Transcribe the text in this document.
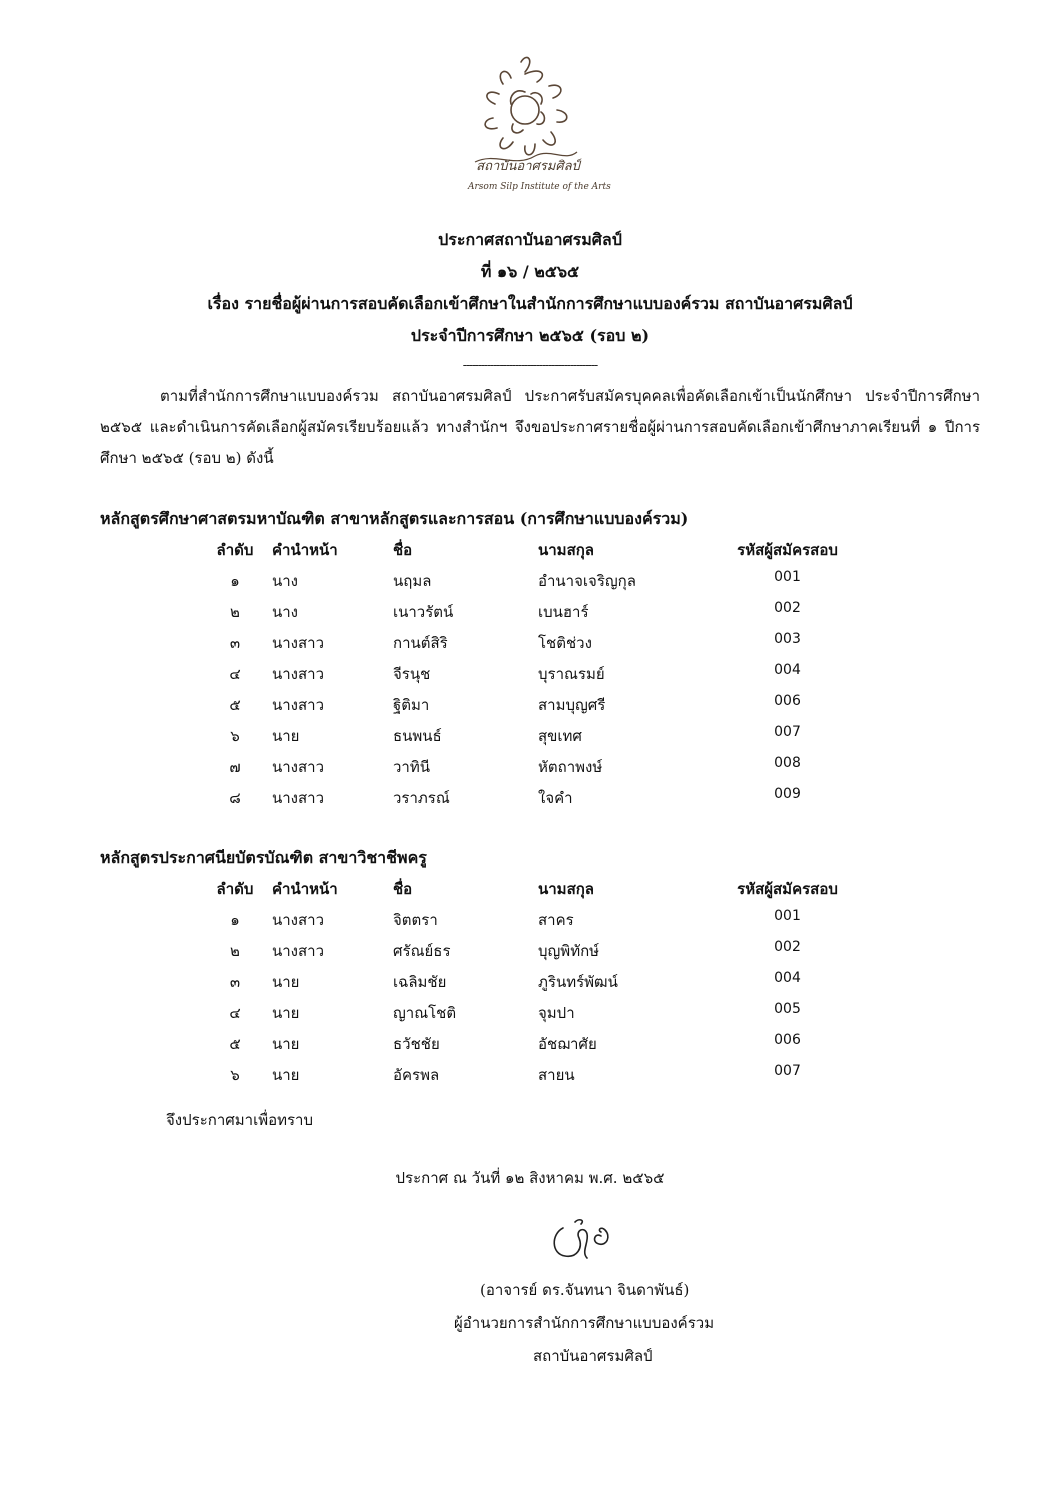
สถาบันอาศรมศิลป์
Arsom Silp Institute of the Arts
ประกาศสถาบันอาศรมศิลป์
ที่ ๑๖ / ๒๕๖๕
เรื่อง รายชื่อผู้ผ่านการสอบคัดเลือกเข้าศึกษาในสำนักการศึกษาแบบองค์รวม สถาบันอาศรมศิลป์
ประจำปีการศึกษา ๒๕๖๕ (รอบ ๒)
--------------------------------------------
ตามที่สำนักการศึกษาแบบองค์รวม สถาบันอาศรมศิลป์ ประกาศรับสมัครบุคคลเพื่อคัดเลือกเข้าเป็นนักศึกษา ประจำปีการศึกษา ๒๕๖๕ และดำเนินการคัดเลือกผู้สมัครเรียบร้อยแล้ว ทางสำนักฯ จึงขอประกาศรายชื่อผู้ผ่านการสอบคัดเลือกเข้าศึกษาภาคเรียนที่ ๑ ปีการศึกษา ๒๕๖๕ (รอบ ๒) ดังนี้
หลักสูตรศึกษาศาสตรมหาบัณฑิต สาขาหลักสูตรและการสอน (การศึกษาแบบองค์รวม)
ลำดับ	คำนำหน้า	ชื่อ	นามสกุล	รหัสผู้สมัครสอบ
๑	นาง	นฤมล	อำนาจเจริญกุล	001
๒	นาง	เนาวรัตน์	เบนฮาร์	002
๓	นางสาว	กานต์สิริ	โชติช่วง	003
๔	นางสาว	จีรนุช	บุราณรมย์	004
๕	นางสาว	ฐิติมา	สามบุญศรี	006
๖	นาย	ธนพนธ์	สุขเทศ	007
๗	นางสาว	วาทินี	หัตถาพงษ์	008
๘	นางสาว	วราภรณ์	ใจคำ	009
หลักสูตรประกาศนียบัตรบัณฑิต สาขาวิชาชีพครู
ลำดับ	คำนำหน้า	ชื่อ	นามสกุล	รหัสผู้สมัครสอบ
๑	นางสาว	จิตตรา	สาคร	001
๒	นางสาว	ศรัณย์ธร	บุญพิทักษ์	002
๓	นาย	เฉลิมชัย	ภูรินทร์พัฒน์	004
๔	นาย	ญาณโชติ	จุมปา	005
๕	นาย	ธวัชชัย	อัชฌาศัย	006
๖	นาย	อัครพล	สายน	007
จึงประกาศมาเพื่อทราบ
ประกาศ ณ วันที่ ๑๒ สิงหาคม พ.ศ. ๒๕๖๕
(อาจารย์ ดร.จันทนา จินดาพันธ์)
ผู้อำนวยการสำนักการศึกษาแบบองค์รวม
สถาบันอาศรมศิลป์
